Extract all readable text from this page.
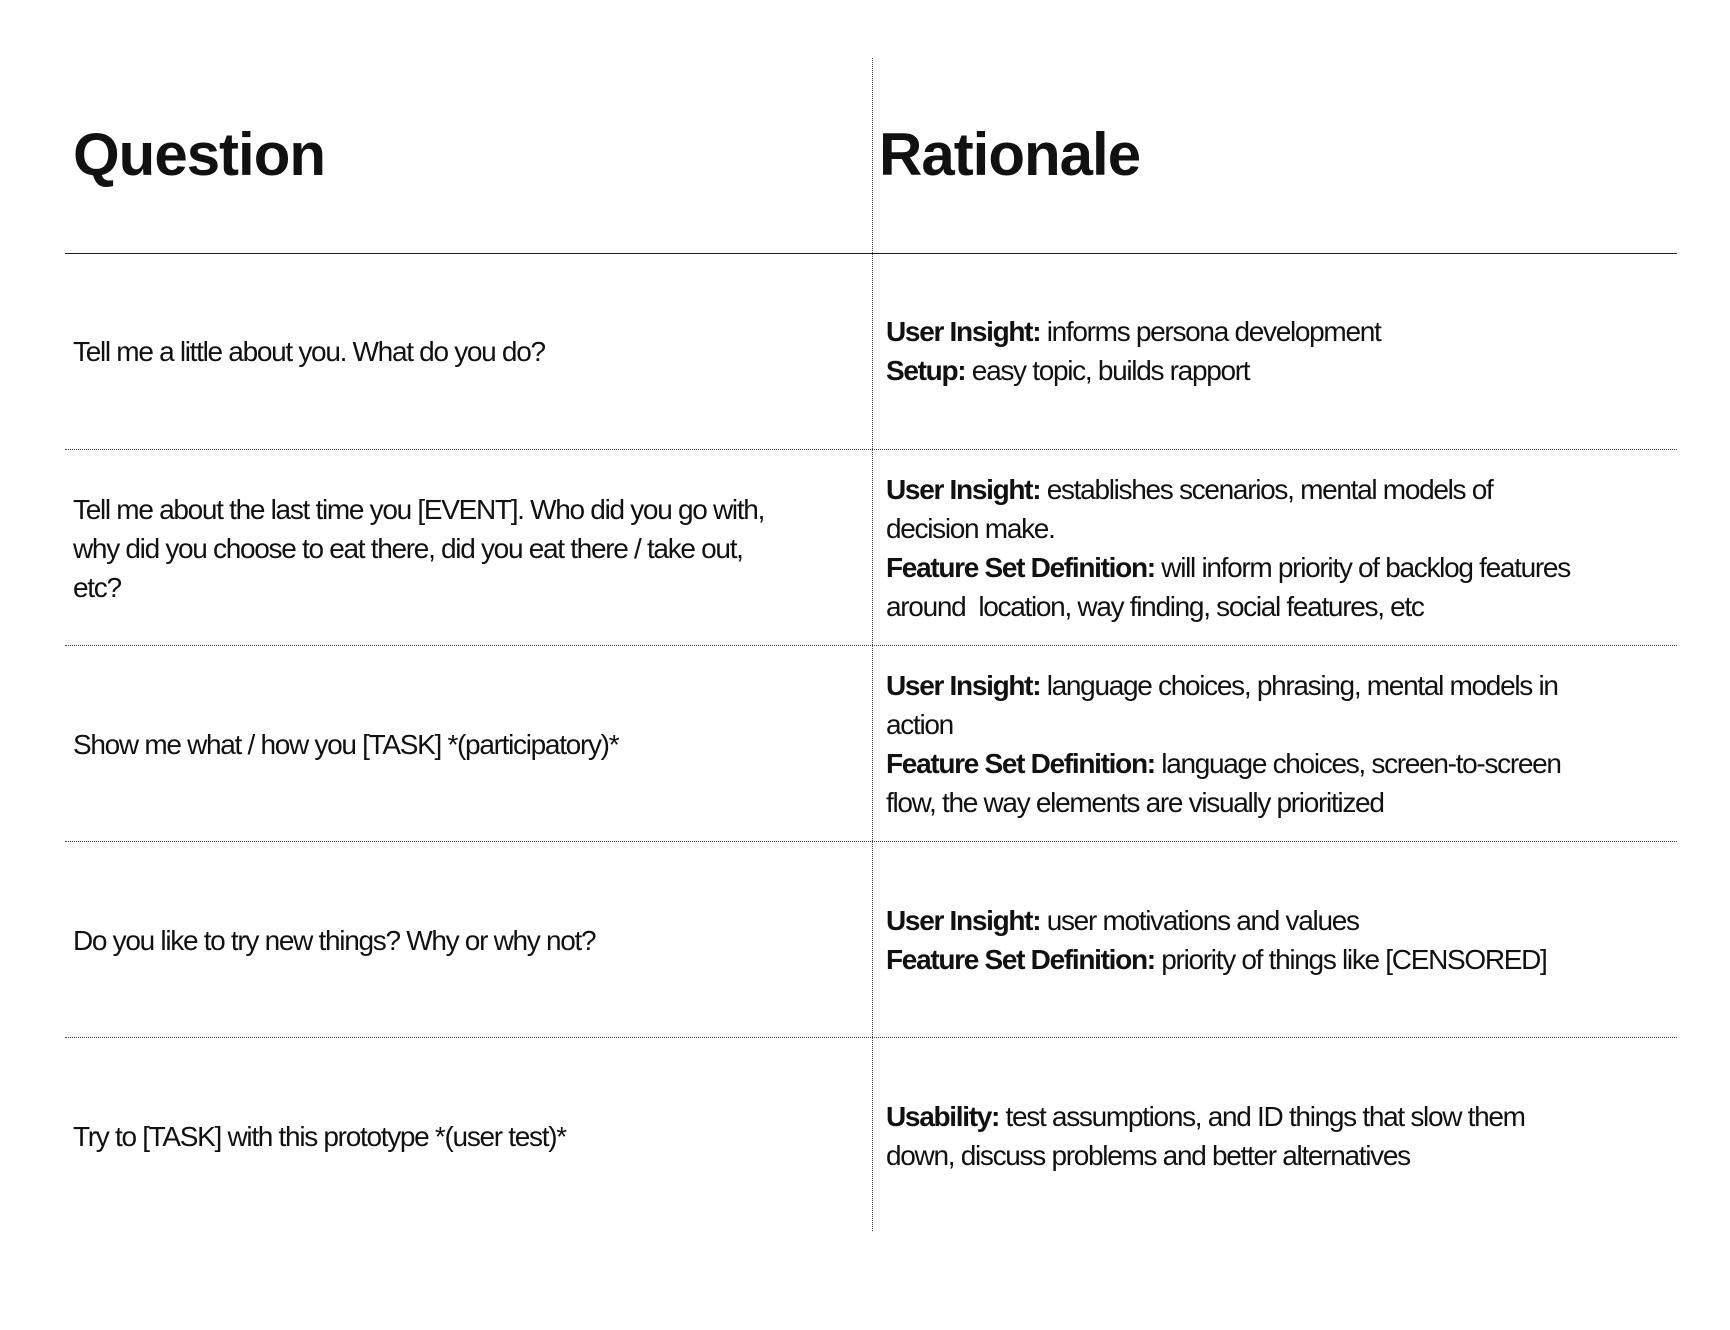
Question	Rationale
Tell me a little about you. What do you do?
User Insight: informs persona development
Setup: easy topic, builds rapport
Tell me about the last time you [EVENT]. Who did you go with,
why did you choose to eat there, did you eat there / take out,
etc?
User Insight: establishes scenarios, mental models of
decision make.
Feature Set Definition: will inform priority of backlog features
around  location, way finding, social features, etc
Show me what / how you [TASK] *(participatory)*
User Insight: language choices, phrasing, mental models in
action
Feature Set Definition: language choices, screen-to-screen
flow, the way elements are visually prioritized
Do you like to try new things? Why or why not?
User Insight: user motivations and values
Feature Set Definition: priority of things like [CENSORED]
Try to [TASK] with this prototype *(user test)*
Usability: test assumptions, and ID things that slow them
down, discuss problems and better alternatives
